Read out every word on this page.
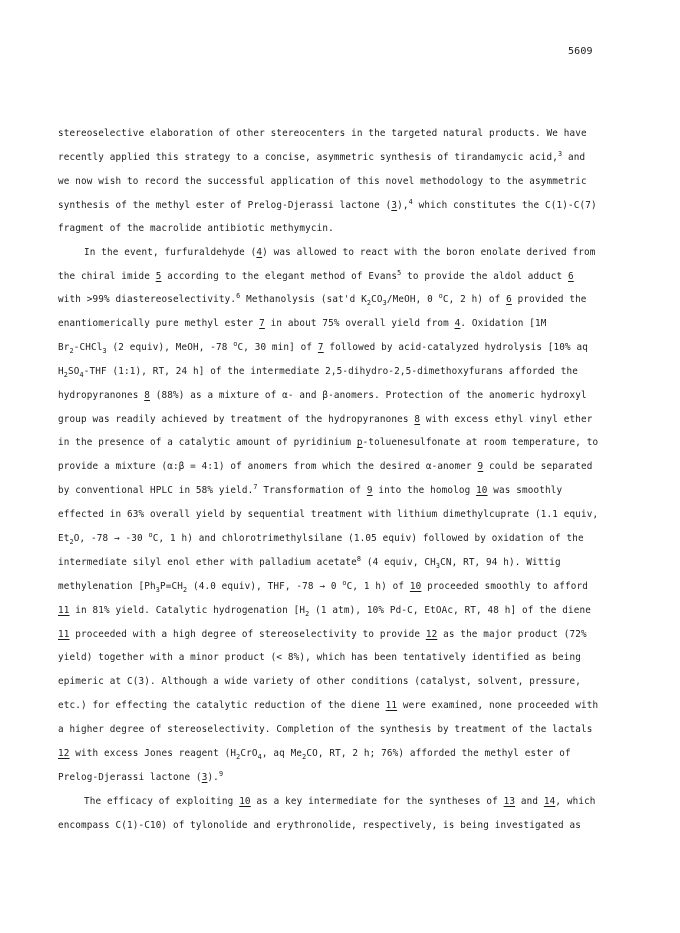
5609
stereoselective elaboration of other stereocenters in the targeted natural products. We have
recently applied this strategy to a concise, asymmetric synthesis of tirandamycic acid,$^3$ and
we now wish to record the successful application of this novel methodology to the asymmetric
synthesis of the methyl ester of Prelog-Djerassi lactone (3),$^4$ which constitutes the C(1)-C(7)
fragment of the macrolide antibiotic methymycin.
In the event, furfuraldehyde (4) was allowed to react with the boron enolate derived from
the chiral imide 5 according to the elegant method of Evans$^5$ to provide the aldol adduct 6
with >99% diastereoselectivity.$^6$ Methanolysis (sat'd $K_2CO_3$/MeOH, 0 $^o$C, 2 h) of 6 provided the
enantiomerically pure methyl ester 7 in about 75% overall yield from 4. Oxidation [1M
$Br_2-CHCl_3$ (2 equiv), MeOH, -78 $^o$C, 30 min] of 7 followed by acid-catalyzed hydrolysis [10% aq
$H_2SO_4$-THF (1:1), RT, 24 h] of the intermediate 2,5-dihydro-2,5-dimethoxyfurans afforded the
hydropyranones 8 (88%) as a mixture of α- and β-anomers. Protection of the anomeric hydroxyl
group was readily achieved by treatment of the hydropyranones 8 with excess ethyl vinyl ether
in the presence of a catalytic amount of pyridinium p-toluenesulfonate at room temperature, to
provide a mixture (α:β = 4:1) of anomers from which the desired α-anomer 9 could be separated
by conventional HPLC in 58% yield.$^7$ Transformation of 9 into the homolog 10 was smoothly
effected in 63% overall yield by sequential treatment with lithium dimethylcuprate (1.1 equiv,
$Et_2O$, -78 → -30 $^o$C, 1 h) and chlorotrimethylsilane (1.05 equiv) followed by oxidation of the
intermediate silyl enol ether with palladium acetate$^8$ (4 equiv, $CH_3CN$, RT, 94 h). Wittig
methylenation [$Ph_3P=CH_2$ (4.0 equiv), THF, -78 → 0 $^o$C, 1 h) of 10 proceeded smoothly to afford
11 in 81% yield. Catalytic hydrogenation [$H_2$ (1 atm), 10% Pd-C, EtOAc, RT, 48 h] of the diene
11 proceeded with a high degree of stereoselectivity to provide 12 as the major product (72%
yield) together with a minor product (< 8%), which has been tentatively identified as being
epimeric at C(3). Although a wide variety of other conditions (catalyst, solvent, pressure,
etc.) for effecting the catalytic reduction of the diene 11 were examined, none proceeded with
a higher degree of stereoselectivity. Completion of the synthesis by treatment of the lactals
12 with excess Jones reagent ($H_2CrO_4$, aq $Me_2CO$, RT, 2 h; 76%) afforded the methyl ester of
Prelog-Djerassi lactone (3).$^9$
The efficacy of exploiting 10 as a key intermediate for the syntheses of 13 and 14, which
encompass C(1)-C10) of tylonolide and erythronolide, respectively, is being investigated as
